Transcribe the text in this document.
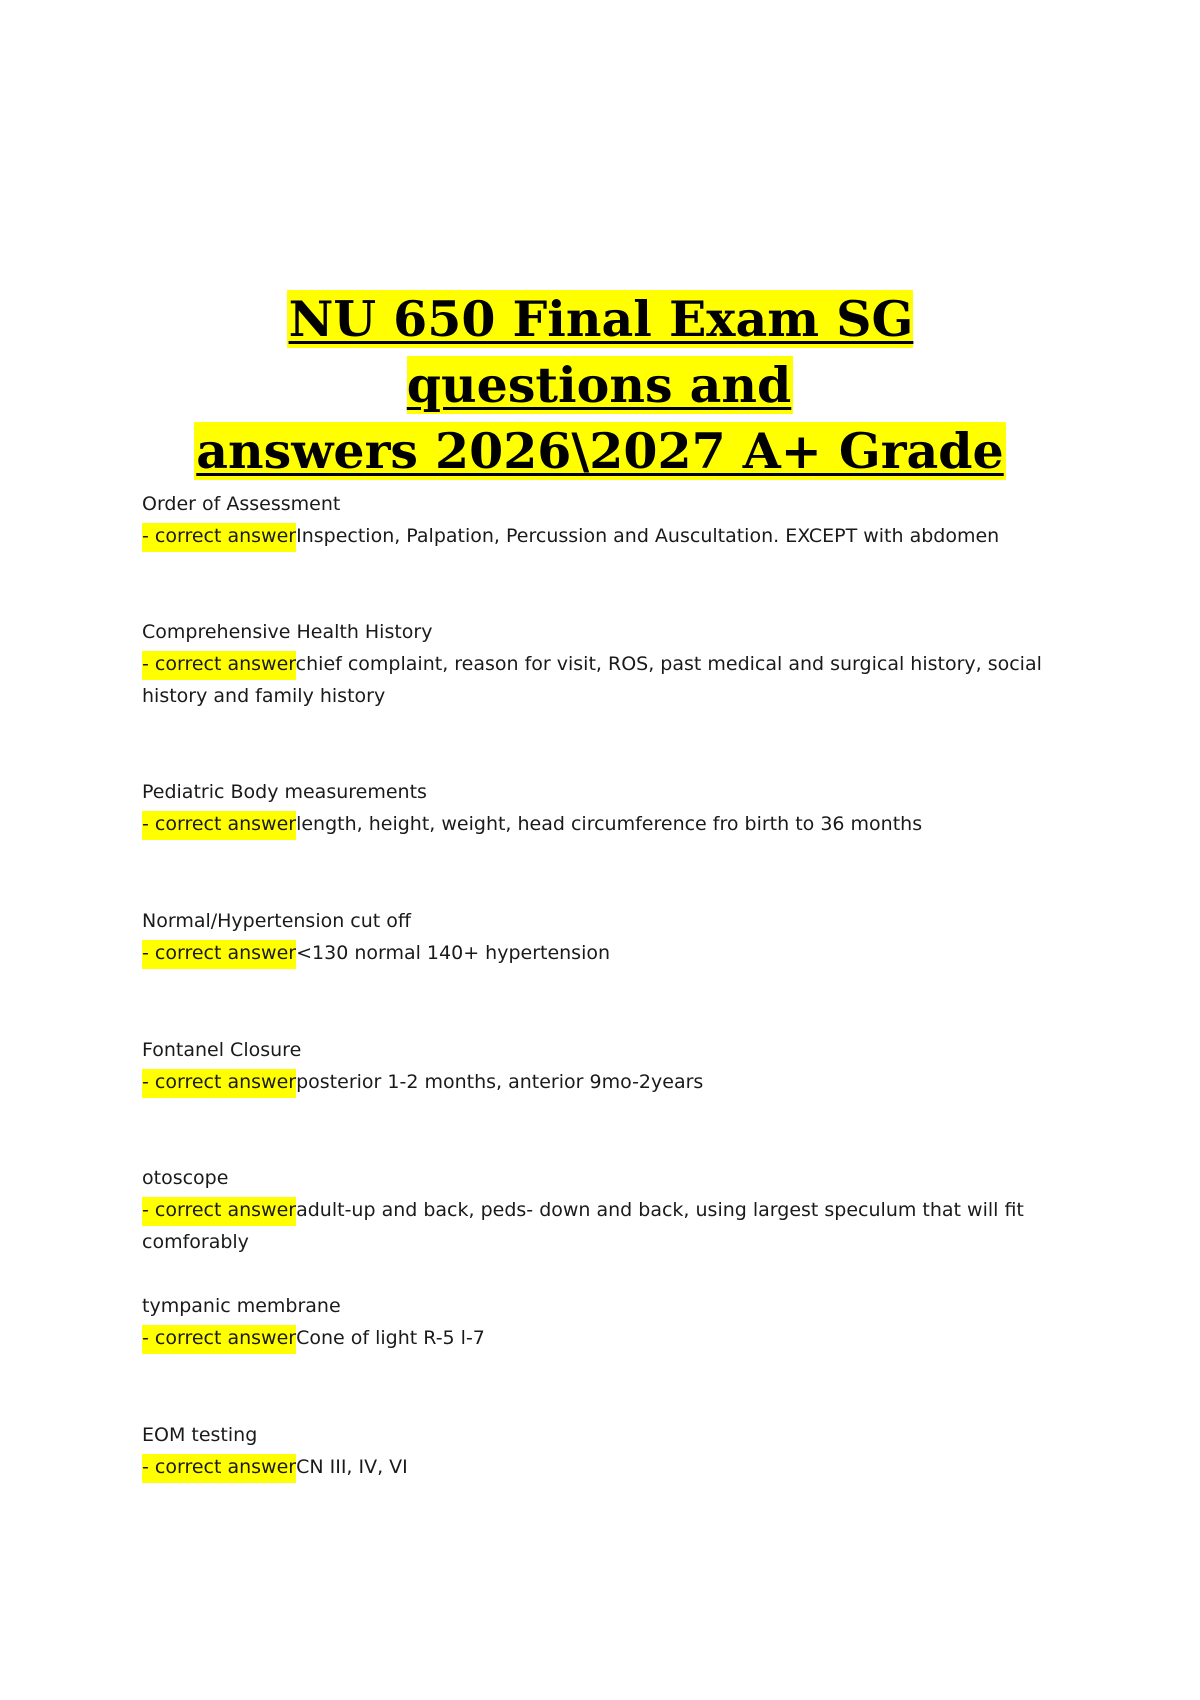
NU 650 Final Exam SG questions and
answers 2026\2027 A+ Grade
Order of Assessment
- correct answerInspection, Palpation, Percussion and Auscultation. EXCEPT with abdomen
Comprehensive Health History
- correct answerchief complaint, reason for visit, ROS, past medical and surgical history, social history and family history
Pediatric Body measurements
- correct answerlength, height, weight, head circumference fro birth to 36 months
Normal/Hypertension cut off
- correct answer<130 normal 140+ hypertension
Fontanel Closure
- correct answerposterior 1-2 months, anterior 9mo-2years
otoscope
- correct answeradult-up and back, peds- down and back, using largest speculum that will fit comforably
tympanic membrane
- correct answerCone of light R-5 l-7
EOM testing
- correct answerCN III, IV, VI
